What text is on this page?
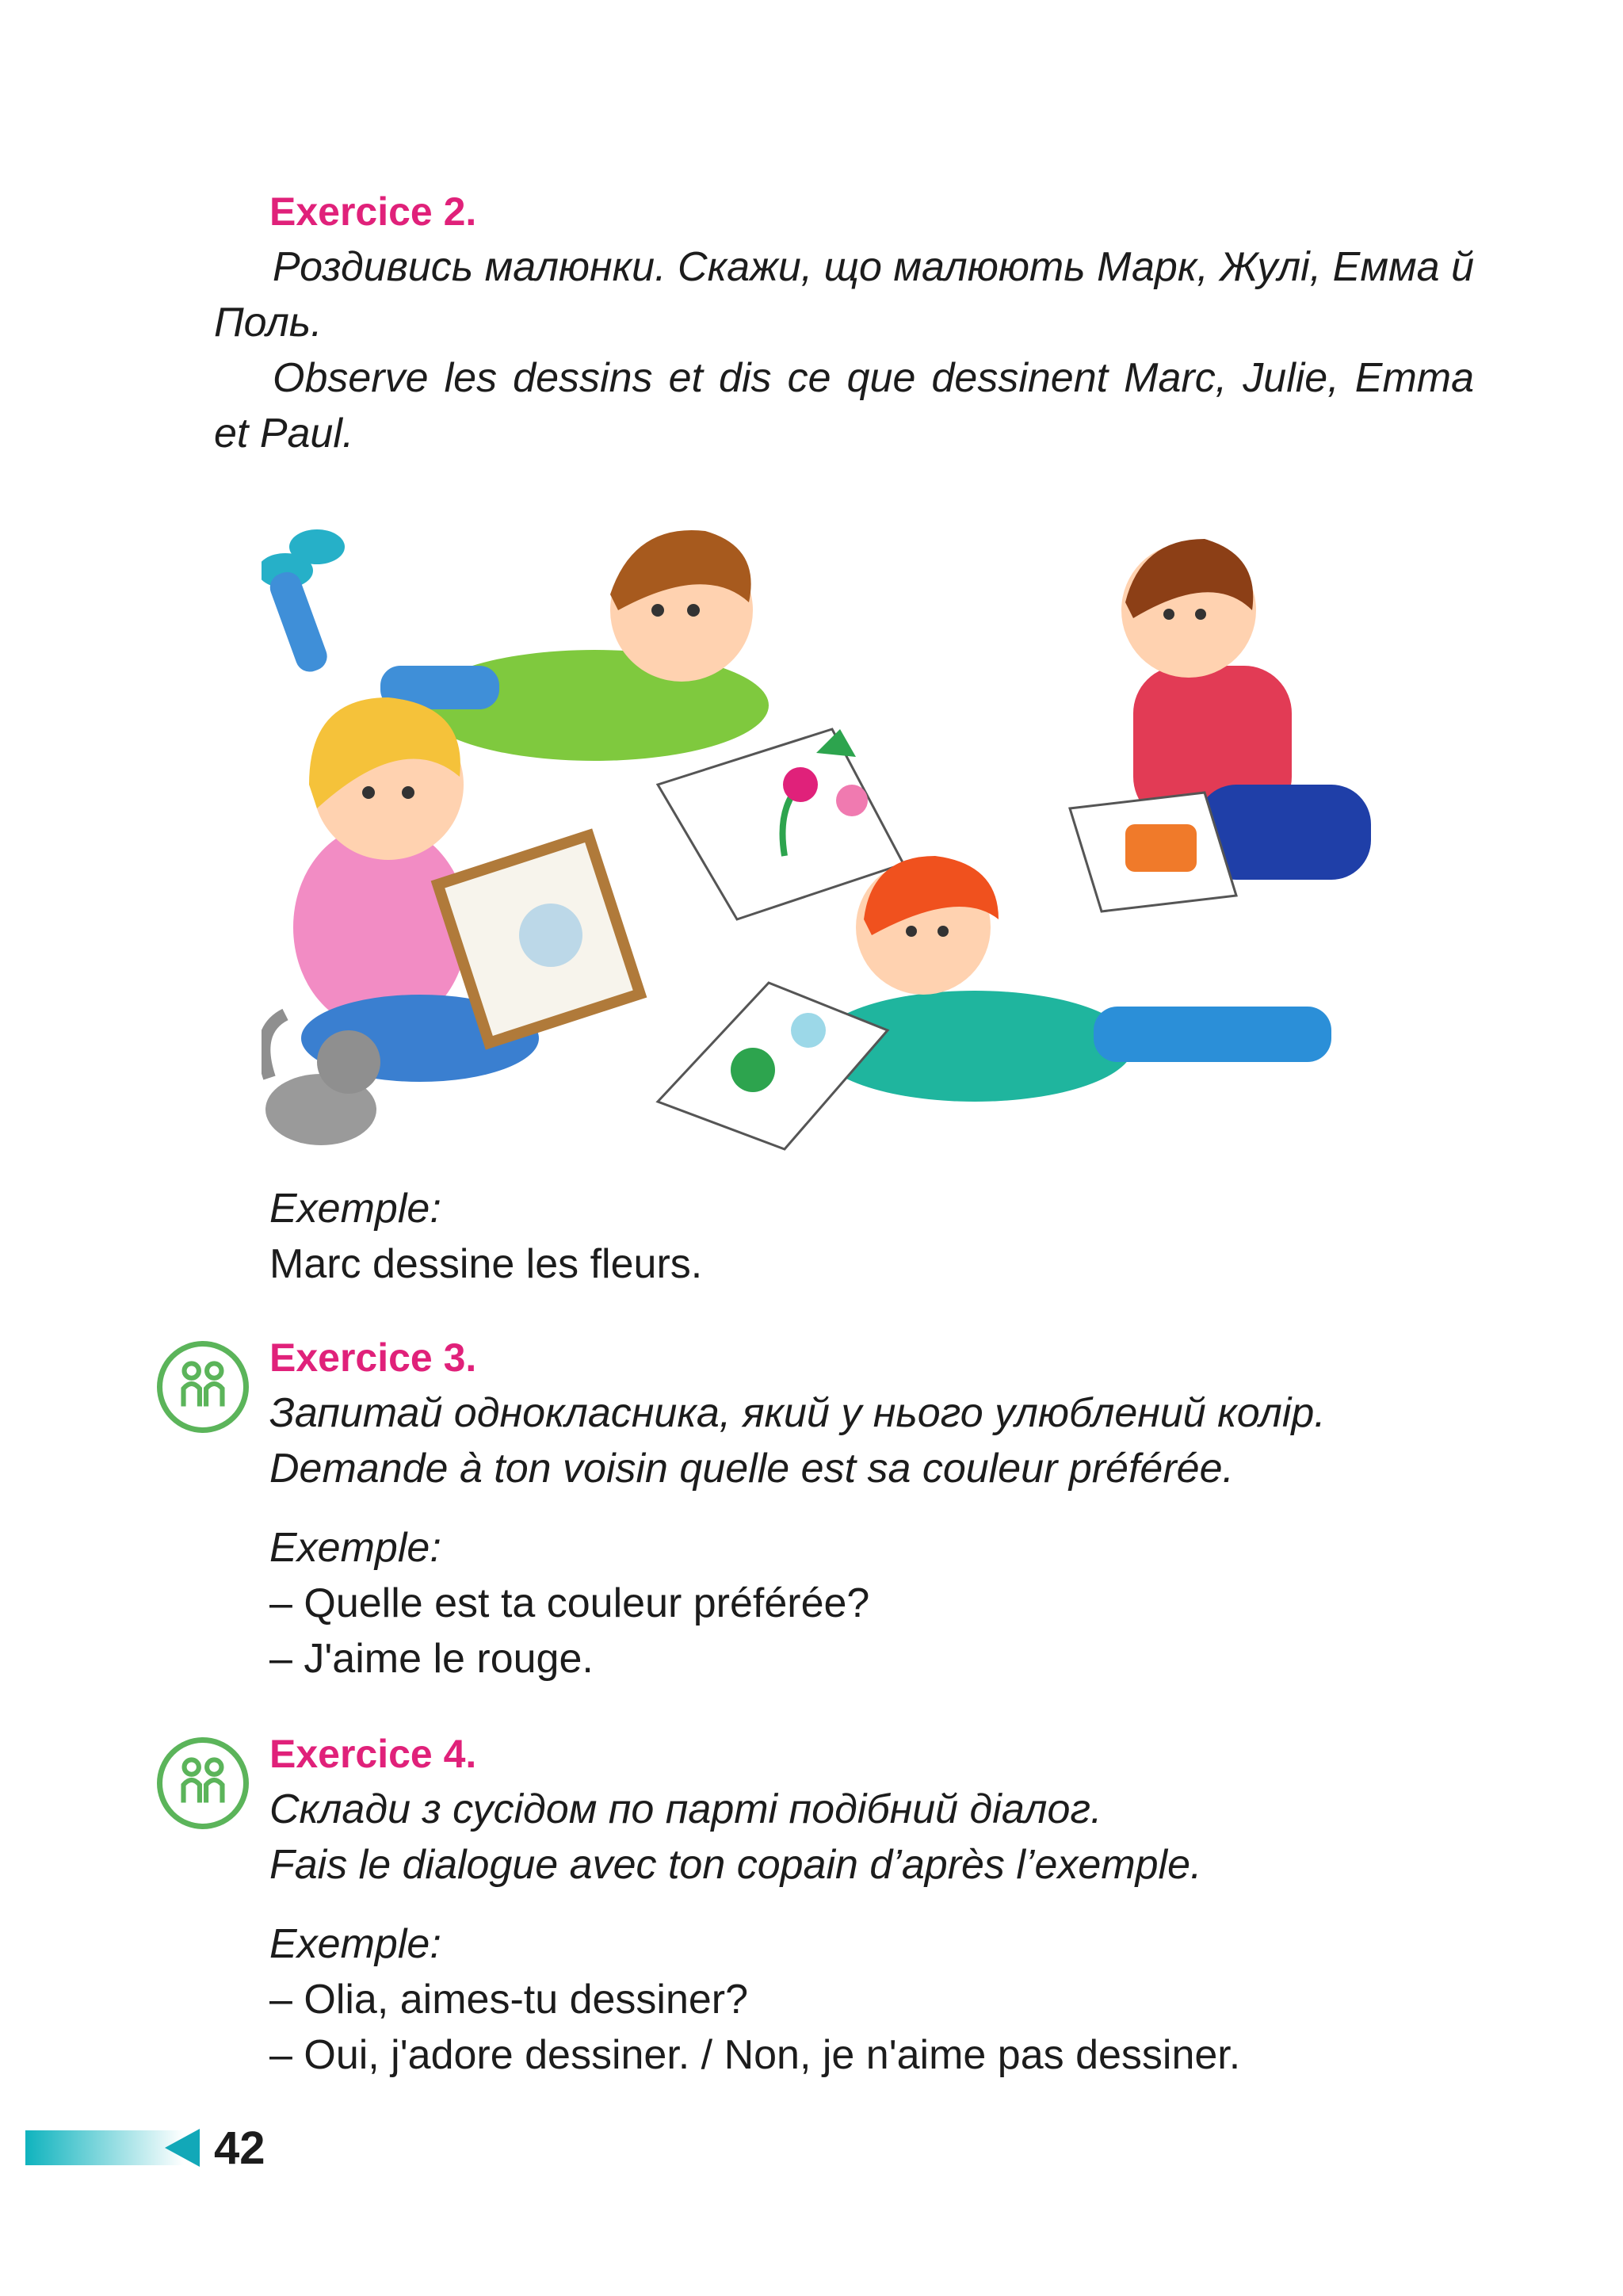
Exercice 2.
Роздивись малюнки. Скажи, що малюють Марк, Жулі, Емма й Поль.
Observe les dessins et dis ce que dessinent Marc, Julie, Emma et Paul.
Exemple:
Marc dessine les fleurs.
Exercice 3.
Запитай однокласника, який у нього улюблений колір.
Demande à ton voisin quelle est sa couleur préférée.
Exemple:
– Quelle est ta couleur préférée?
– J'aime le rouge.
Exercice 4.
Склади з сусідом по парті подібний діалог.
Fais le dialogue avec ton copain d’après l’exemple.
Exemple:
– Olia, aimes-tu dessiner?
– Oui, j'adore dessiner. / Non, je n'aime pas dessiner.
42
